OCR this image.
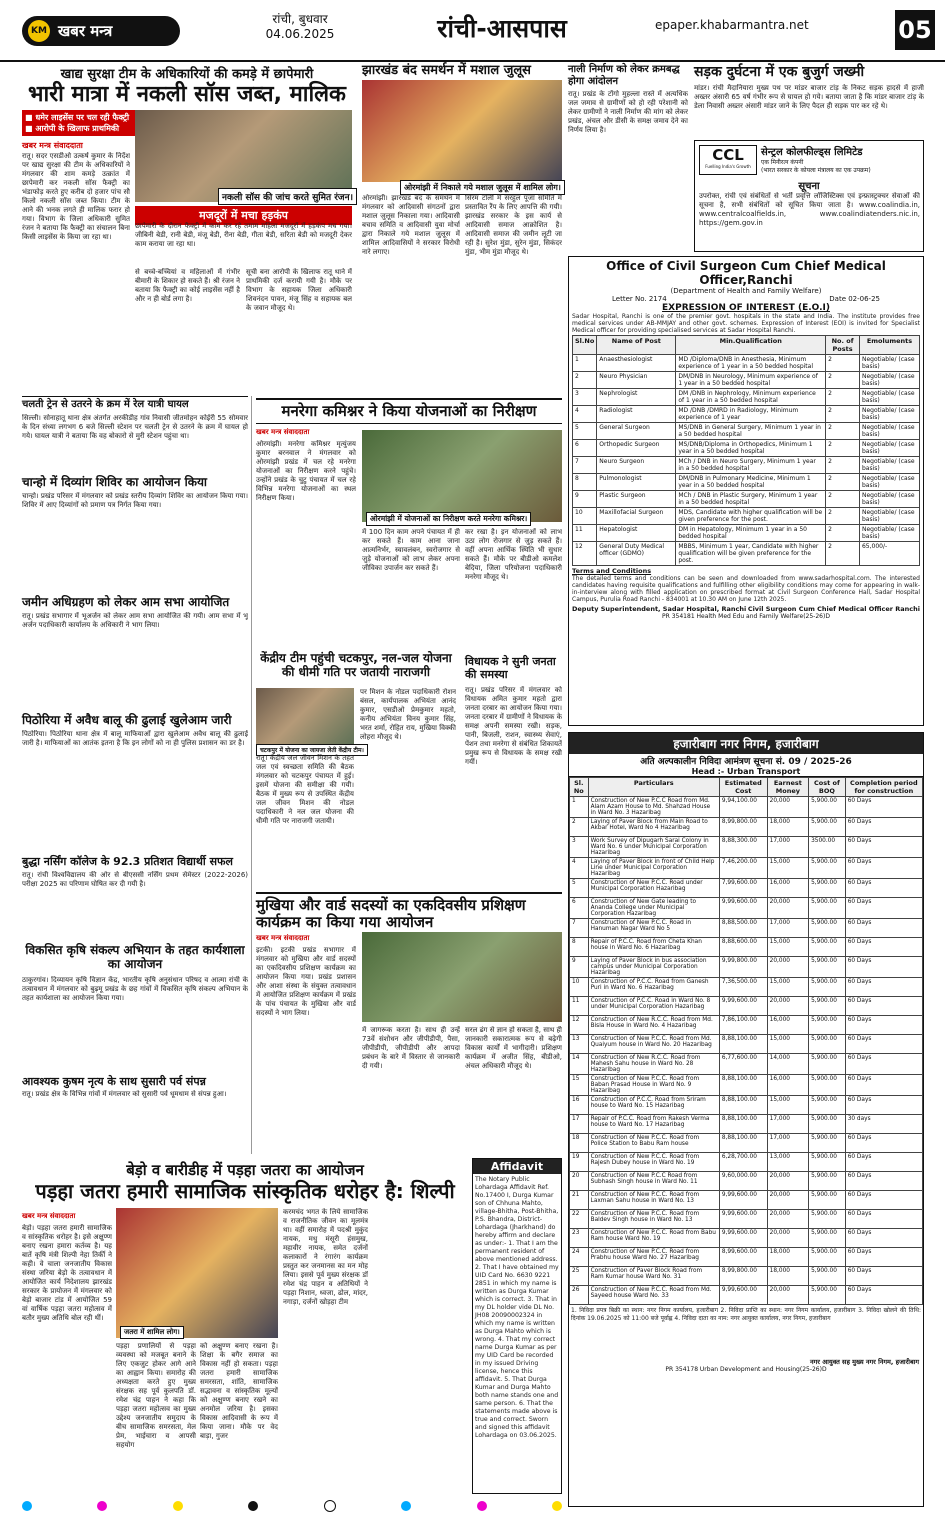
KM खबर मन्त्र
रांची, बुधवार
04.06.2025	रांची-आसपास	epaper.khabarmantra.net	05
खाद्य सुरक्षा टीम के अधिकारियों की कमड़े में छापेमारी
भारी मात्रा में नकली सॉस जब्त, मालिक
■ धमेर लाइसेंस पर चल रही फैक्ट्री
■ आरोपी के खिलाफ प्राथमिकी
खबर मन्त्र संवाददाता
रातू। सदर एसडीओ उत्कर्ष कुमार के निर्देश पर खाद्य सुरक्षा की टीम के अधिकारियों ने मंगलवार की शाम कमड़े उत्क्रांत में छापेमारी कर नकली सॉस फैक्ट्री का भंडाफोड़ करते हुए करीब दो हजार पांच सौ किलो नकली सॉस जब्त किया। टीम के आने की भनक लगते ही मालिक फरार हो गया। विभाग के जिला अधिकारी सुमित रंजन ने बताया कि फैक्ट्री का संचालन बिना किसी लाइसेंस के किया जा रहा था।
नकली सॉस की जांच करते सुमित रंजन।
मजदूरों में मचा हड़कंप
छापेमारी के दौरान फैक्ट्री में काम कर रहे तमाम महिला मजदूरों में हड़कंप मच गया। जीबिनी बेडी, रानी बेडी, मंजू बेडी, रीना बेडी, गीता बेडी, सरिता बेडी को मजदूरी देकर काम कराया जा रहा था।
से बच्चे-बच्चियां व महिलाओं में गंभीर बीमारी के शिकार हो सकते हैं। श्री रंजन ने बताया कि फैक्ट्री का कोई लाइसेंस नहीं है और न ही बोर्ड लगा है।
सूची बना आरोपी के खिलाफ रातू थाने में प्राथमिकी दर्ज करायी गयी है। मौके पर विभाग के सहायक जिला अधिकारी शिवनंदन पावन, मंजू सिंह व सहायक बल के जवान मौजूद थे।
झारखंड बंद समर्थन में मशाल जुलूस
ओरमांझी में निकाले गये मशाल जुलूस में शामिल लोग।
ओरमांझी। झारखंड बंद के समर्थन में मंगलवार को आदिवासी संगठनों द्वारा मशाल जुलूस निकाला गया। आदिवासी बचाव समिति व आदिवासी युवा मोर्चा द्वारा निकाले गये मशाल जुलूस में शामिल आदिवासियों ने सरकार विरोधी नारे लगाए।
सिरम टोली में सरहुल पूजा समिति में प्रस्तावित रैंप के लिए आपत्ति की गयी। झारखंड सरकार के इस कार्य से आदिवासी समाज आक्रोशित है। आदिवासी समाज की जमीन लूटी जा रही है। सुरेश मुंडा, सुरेन मुंडा, सिकंदर मुंडा, भीम मुंडा मौजूद थे।
नाली निर्माण को लेकर क्रमबद्ध होगा आंदोलन
रातू। प्रखंड के टोंगो मुहल्ला रास्ते में अत्यधिक जल जमाव से ग्रामीणों को हो रही परेशानी को लेकर ग्रामीणों ने नाली निर्माण की मांग को लेकर प्रखंड, अंचल और डीसी के समक्ष जमाव देने का निर्णय लिया है।
सड़क दुर्घटना में एक बुजुर्ग जख्मी
मांडर। रांची मैदानियारा मुख्य पथ पर मांडर बाजार टांड़ के निकट सड़क हादसे में हाजी अख्तर अंसारी 65 वर्ष गंभीर रूप से घायल हो गये। बताया जाता है कि मांडर बाजार टांड़ के डेला निवासी अख्तर अंसारी मांडर जाने के लिए पैदल ही सड़क पार कर रहे थे।
CCL
Fuelling India's Growth
सेन्ट्रल कोलफील्ड्स लिमिटेड
एक मिनीरत्न कंपनी
(भारत सरकार के कोयला मंत्रालय का एक उपक्रम)
सूचना
उपरोक्त, रांची एवं संबंधितों से भर्ती प्रवृत्ति लॉजिस्टिक्स एवं इन्फ्रास्ट्रक्चर सेवाओं की सूचना है, सभी संबंधितों को सूचित किया जाता है। www.coalindia.in, www.centralcoalfields.in, www.coalindiatenders.nic.in, https://gem.gov.in
Office of Civil Surgeon Cum Chief Medical Officer,Ranchi
(Department of Health and Family Welfare)
Letter No. 2174	Date 02-06-25
EXPRESSION OF INTEREST (E.O.I)
Sadar Hospital, Ranchi is one of the premier govt. hospitals in the state and India. The institute provides free medical services under AB-MMJAY and other govt. schemes. Expression of Interest (EOI) is invited for Specialist Medical officer for providing specialised services at Sadar Hospital Ranchi.
Sl.No	Name of Post	Min.Qualification	No. of Posts	Emoluments
1	Anaesthesiologist	MD /Diploma/DNB in Anesthesia, Minimum experience of 1 year in a 50 bedded hospital	2	Negotiable/ (case basis)
2	Neuro Physician	DM/DNB in Neurology, Minimum experience of 1 year in a 50 bedded hospital	2	Negotiable/ (case basis)
3	Nephrologist	DM /DNB in Nephrology, Minimum experience of 1 year in a 50 bedded hospital	2	Negotiable/ (case basis)
4	Radiologist	MD /DNB /DMRD in Radiology, Minimum experience of 1 year	2	Negotiable/ (case basis)
5	General Surgeon	MS/DNB in General Surgery, Minimum 1 year in a 50 bedded hospital	2	Negotiable/ (case basis)
6	Orthopedic Surgeon	MS/DNB/Diploma in Orthopedics, Minimum 1 year in a 50 bedded hospital	2	Negotiable/ (case basis)
7	Neuro Surgeon	MCh / DNB in Neuro Surgery, Minimum 1 year in a 50 bedded hospital	2	Negotiable/ (case basis)
8	Pulmonologist	DM/DNB in Pulmonary Medicine, Minimum 1 year in a 50 bedded hospital	2	Negotiable/ (case basis)
9	Plastic Surgeon	MCh / DNB in Plastic Surgery, Minimum 1 year in a 50 bedded hospital	2	Negotiable/ (case basis)
10	Maxillofacial Surgeon	MDS, Candidate with higher qualification will be given preference for the post.	2	Negotiable/ (case basis)
11	Hepatologist	DM in Hepatology, Minimum 1 year in a 50 bedded hospital	2	Negotiable/ (case basis)
12	General Duty Medical officer (GDMO)	MBBS, Minimum 1 year, Candidate with higher qualification will be given preference for the post.	2	65,000/-
Terms and Conditions
The detailed terms and conditions can be seen and downloaded from www.sadarhospital.com. The interested candidates having requisite qualifications and fulfilling other eligibility conditions may come for appearing in walk-in-interview along with filled application on prescribed format at Civil Surgeon Conference Hall, Sadar Hospital Campus, Purulia Road Ranchi - 834001 at 10.30 AM on June 12th 2025.
Deputy Superintendent, Sadar Hospital, Ranchi Civil Surgeon Cum Chief Medical Officer Ranchi
PR 354181 Health Med Edu and Family Welfare(25-26)D
हजारीबाग नगर निगम, हजारीबाग
अति अल्पकालीन निविदा आमंत्रण सूचना सं. 09 / 2025-26
Head :- Urban Transport
Sl. No	Particulars	Estimated Cost	Earnest Money	Cost of BOQ	Completion period for construction
1	Construction of New P.C.C Road from Md. Alam Azam House to Md. Shahzad House in Ward No. 3 Hazaribag	9,94,100.00	20,000	5,900.00	60 Days
2	Laying of Paver Block from Main Road to Akbar Hotel, Ward No 4 Hazaribag	8,99,800.00	18,000	5,900.00	60 Days
3	Work Survey of Dipugarh Sarai Colony in Ward No. 6 under Municipal Corporation Hazaribag	8,88,300.00	17,000	3500.00	60 Days
4	Laying of Paver Block in front of Child Help Line under Municipal Corporation Hazaribag	7,46,200.00	15,000	5,900.00	60 Days
5	Construction of New P.C.C. Road under Municipal Corporation Hazaribag	7,99,600.00	16,000	5,900.00	60 Days
6	Construction of New Gate leading to Ananda College under Municipal Corporation Hazaribag	9,99,600.00	20,000	5,900.00	60 Days
7	Construction of New P.C.C. Road in Hanuman Nagar Ward No 5	8,88,500.00	17,000	5,900.00	60 Days
8	Repair of P.C.C. Road from Cheta Khan house in Ward No. 6 Hazaribag	8,88,600.00	15,000	5,900.00	60 Days
9	Laying of Paver Block in bus association campus under Municipal Corporation Hazaribag	9,99,800.00	20,000	5,900.00	60 Days
10	Construction of P.C.C. Road from Ganesh Puri in Ward No. 6 Hazaribag	7,36,500.00	15,000	5,900.00	60 Days
11	Construction of P.C.C. Road in Ward No. 8 under Municipal Corporation Hazaribag	9,99,600.00	20,000	5,900.00	60 Days
12	Construction of New R.C.C. Road from Md. Bisla House in Ward No. 4 Hazaribag	7,86,100.00	16,000	5,900.00	60 Days
13	Construction of New P.C.C. Road from Md. Quaiyum house in Ward No. 20 Hazaribag	8,88,100.00	15,000	5,900.00	60 Days
14	Construction of New R.C.C. Road from Mahesh Sahu house in Ward No. 28 Hazaribag	6,77,600.00	14,000	5,900.00	60 Days
15	Construction of New P.C.C. Road from Baban Prasad House in Ward No. 9 Hazaribag	8,88,100.00	16,000	5,900.00	60 Days
16	Construction of P.C.C. Road from Sriram house to Ward No. 15 Hazaribag	8,88,100.00	15,000	5,900.00	60 Days
17	Repair of P.C.C. Road from Rakesh Verma house to Ward No. 17 Hazaribag	8,88,100.00	17,000	5,900.00	30 days
18	Construction of New P.C.C. Road from Police Station to Babu Ram house	8,88,100.00	17,000	5,900.00	60 Days
19	Construction of New P.C.C. Road from Rajesh Dubey house in Ward No. 19	6,28,700.00	13,000	5,900.00	60 Days
20	Construction of New P.C.C Road from Subhash Singh house in Ward No. 11	9,60,000.00	20,000	5,900.00	60 Days
21	Construction of New P.C.C. Road from Laxman Sahu house in Ward No. 13	9,99,600.00	20,000	5,900.00	60 Days
22	Construction of New P.C.C. Road from Baldev Singh house in Ward No. 13	9,99,600.00	20,000	5,900.00	60 Days
23	Construction of New P.C.C. Road from Babu Ram house Ward No. 19	9,99,600.00	20,000	5,900.00	60 Days
24	Construction of New P.C.C. Road from Prabhu house Ward No. 27 Hazaribag	8,99,600.00	18,000	5,900.00	60 Days
25	Construction of Paver Block Road from Ram Kumar house Ward No. 31	8,99,800.00	18,000	5,900.00	60 Days
26	Construction of New P.C.C. Road from Md. Sayeed house Ward No. 33	9,99,600.00	20,000	5,900.00	60 Days
1. निविदा प्रपत्र बिक्री का स्थान: नगर निगम कार्यालय, हजारीबाग 2. निविदा प्राप्ति का स्थान: नगर निगम कार्यालय, हजारीबाग 3. निविदा खोलने की तिथि: दिनांक 19.06.2025 को 11:00 बजे पूर्वाह्न 4. निविदा दाता का नाम: नगर आयुक्त कार्यालय, नगर निगम, हजारीबाग
नगर आयुक्त सह मुख्य नगर निगम, हजारीबाग
PR 354178 Urban Development and Housing(25-26)D
चलती ट्रेन से उतरने के क्रम में रेल यात्री घायल
सिल्ली। सोनाहातू थाना क्षेत्र अंतर्गत अरकीडीह गांव निवासी जीतमोहन कोईरी 55 सोमवार के दिन संध्या लगभग 6 बजे सिल्ली स्टेशन पर चलती ट्रेन से उतरने के क्रम में घायल हो गये। घायल यात्री ने बताया कि वह बोकारो से मुरी स्टेशन पहुंचा था।
चान्हो में दिव्यांग शिविर का आयोजन किया
चान्हो। प्रखंड परिसर में मंगलवार को प्रखंड स्तरीय दिव्यांग शिविर का आयोजन किया गया। शिविर में आए दिव्यांगों को प्रमाण पत्र निर्गत किया गया।
जमीन अधिग्रहण को लेकर आम सभा आयोजित
रातू। प्रखंड सभागार में भूअर्जन को लेकर आम सभा आयोजित की गयी। आम सभा में भू अर्जन पदाधिकारी कार्यालय के अधिकारी ने भाग लिया।
पिठोरिया में अवैध बालू की ढुलाई खुलेआम जारी
पिठोरिया। पिठोरिया थाना क्षेत्र में बालू माफियाओं द्वारा खुलेआम अवैध बालू की ढुलाई जारी है। माफियाओं का आतंक इतना है कि इन लोगों को ना ही पुलिस प्रशासन का डर है।
बुद्धा नर्सिंग कॉलेज के 92.3 प्रतिशत विद्यार्थी सफल
रातू। रांची विश्वविद्यालय की ओर से बीएससी नर्सिंग प्रथम सेमेस्टर (2022-2026) परीक्षा 2025 का परिणाम घोषित कर दी गयी है।
विकसित कृषि संकल्प अभियान के तहत कार्यशाला का आयोजन
ठाकुरगांव। दिव्यायन कृषि विज्ञान केंद्र, भारतीय कृषि अनुसंधान परिषद व आत्मा रांची के तत्वावधान में मंगलवार को बुढ़मू प्रखंड के छह गांवों में विकसित कृषि संकल्प अभियान के तहत कार्यशाला का आयोजन किया गया।
आवश्यक कुषम नृत्य के साथ सुसारी पर्व संपन्न
रातू। प्रखंड क्षेत्र के विभिन्न गांवों में मंगलवार को सुसारी पर्व धूमधाम से संपन्न हुआ।
मनरेगा कमिश्नर ने किया योजनाओं का निरीक्षण
खबर मन्त्र संवाददाता
ओरमांझी। मनरेगा कमिश्नर मृत्युंजय कुमार बरनवाल ने मंगलवार को ओरमांझी प्रखंड में चल रहे मनरेगा योजनाओं का निरीक्षण करने पहुंचे। उन्होंने प्रखंड के चुटु पंचायत में चल रहे विभिन्न मनरेगा योजनाओं का स्थल निरीक्षण किया।
ओरमांझी में योजनाओं का निरीक्षण करते मनरेगा कमिश्नर।
में 100 दिन काम अपने पंचायत में ही कर सकते हैं। काम आना जाना आत्मनिर्भर, स्वावलंबन, स्वरोजगार से जुड़े योजनाओं को लाभ लेकर अपना जीविका उपार्जन कर सकते हैं।
कर रखा है। इन योजनाओं को लाभ उठा लोग रोजगार से जुड़ सकते हैं। वहीं अपना आर्थिक स्थिति भी सुधार सकते हैं। मौके पर बीडीओ कमलेश बेदिया, जिला परियोजना पदाधिकारी मनरेगा मौजूद थे।
केंद्रीय टीम पहुंची चटकपुर, नल-जल योजना की धीमी गति पर जतायी नाराजगी
चटकपुर में योजना का जायजा लेती केंद्रीय टीम।
रातू। केंद्रीय जल जीवन मिशन के तहत जल एवं स्वच्छता समिति की बैठक मंगलवार को चटकपुर पंचायत में हुई। इसमें योजना की समीक्षा की गयी। बैठक में मुख्य रूप से उपस्थित केंद्रीय जल जीवन मिशन की नोडल पदाधिकारी ने नल जल योजना की धीमी गति पर नाराजगी जतायी।
पर मिशन के नोडल पदाधिकारी रोशन बंसल, कार्यपालक अभियंता आनंद कुमार, एसडीओ प्रेमकुमार महतो, कनीय अभियंता विनय कुमार सिंह, भरत शर्मा, रोहित राय, मुखिया विक्की लोहरा मौजूद थे।
विधायक ने सुनी जनता की समस्या
रातू। प्रखंड परिसर में मंगलवार को विधायक अमित कुमार महतो द्वारा जनता दरबार का आयोजन किया गया। जनता दरबार में ग्रामीणों ने विधायक के समक्ष अपनी समस्या रखी। सड़क, पानी, बिजली, राशन, स्वास्थ्य सेवाएं, पेंशन तथा मनरेगा से संबंधित शिकायतें प्रमुख रूप से विधायक के समक्ष रखी गयीं।
मुखिया और वार्ड सदस्यों का एकदिवसीय प्रशिक्षण कार्यक्रम का किया गया आयोजन
खबर मन्त्र संवाददाता
इटकी। इटकी प्रखंड सभागार में मंगलवार को मुखिया और वार्ड सदस्यों का एकदिवसीय प्रशिक्षण कार्यक्रम का आयोजन किया गया। प्रखंड प्रशासन और आशा संस्था के संयुक्त तत्वावधान में आयोजित प्रशिक्षण कार्यक्रम में प्रखंड के पांच पंचायत के मुखिया और वार्ड सदस्यों ने भाग लिया।
में जागरूक करता है। साथ ही उन्हें 73वें संशोधन और जीपीडीपी, पैसा, जीपीडीपी, जीपीडीपी और आपदा प्रबंधन के बारे में विस्तार से जानकारी दी गयी।
सरल ढंग से ज्ञान हो सकता है, साथ ही जानकारी सकारात्मक रूप से बढ़ेगी विकास कार्यों में भागीदारी। प्रशिक्षण कार्यक्रम में अजीत सिंह, बीडीओ, अंचल अधिकारी मौजूद थे।
बेड़ो व बारीडीह में पड़हा जतरा का आयोजन
पड़हा जतरा हमारी सामाजिक सांस्कृतिक धरोहर है: शिल्पी
खबर मन्त्र संवाददाता
जतरा में शामिल लोग।
बेड़ो। पड़हा जतरा हमारी सामाजिक व सांस्कृतिक धरोहर है। इसे अक्षुण्ण बनाए रखना हमारा कर्तव्य है। यह बातें कृषि मंत्री शिल्पी नेहा तिर्की ने कही। वे चाला जनजातीय विकास संस्था जरिया बेड़ो के तत्वावधान में आयोजित कार्य निदेशालय झारखंड सरकार के प्रायोजन में मंगलवार को बेड़ो बाजार टांड में आयोजित 59 वां वार्षिक पड़हा जतरा महोत्सव में बतौर मुख्य अतिथि बोल रही थीं।
पड़हा प्रणालियों से पड़हा व्यवस्था को मजबूत बनाने के लिए एकजुट होकर आगे आने का आह्वान किया। समारोह की अध्यक्षता करते हुए मुख्य संरक्षक सह पूर्व कुलपति डॉ. रमेश चंद्र पाहन ने कहा कि पड़हा जतरा महोत्सव का मुख्य उद्देश्य जनजातीय समुदाय के बीच सामाजिक समरसता, मेल प्रेम, भाईचारा व आपसी सहयोग
को अक्षुण्ण बनाए रखना है। शिक्षा के बगैर समाज का विकास नहीं हो सकता। पड़हा जतरा हमारी सामाजिक समरसता, शांति, सामाजिक सद्भावना व सांस्कृतिक मूल्यों को अक्षुण्ण बनाए रखने का अनमोल जरिया है। इसका विकास आदिवासी के रूप में किया जाना। मौके पर वेद बाड़ा, गुजर
करमचंद भगत के लिये सामाजिक व राजनीतिक जीवन का मूलमंत्र था। वहीं समारोह में पदश्री मुकुंद नायक, मधु मंसूरी हंसमुख, महावीर नायक, समेत दर्जनों कलाकारों ने रंगारंग कार्यक्रम प्रस्तुत कर जनमानस का मन मोह लिया। इससे पूर्व मुख्य संरक्षक डॉ रमेश चंद्र पाहन व अतिथियों ने पड़हा निशान, ध्वजा, ढोल, मांदर, नगाड़ा, दर्जनों खोड़हा टीम
Affidavit
The Notary Public Lohardaga Affidavit Ref. No.17400 I, Durga Kumar son of Chhuna Mahto, village-Bhitha, Post-Bhitha, P.S. Bhandra, District-Lohardaga (Jharkhand) do hereby affirm and declare as under:- 1. That I am the permanent resident of above mentioned address. 2. That I have obtained my UID Card No. 6630 9221 2851 in which my name is written as Durga Kumar which is correct. 3. That in my DL holder vide DL No. JH08 20090002324 in which my name is written as Durga Mahto which is wrong. 4. That my correct name Durga Kumar as per my UID Card be recorded in my issued Driving license, hence this affidavit. 5. That Durga Kumar and Durga Mahto both name stands one and same person. 6. That the statements made above is true and correct. Sworn and signed this affidavit Lohardaga on 03.06.2025.
